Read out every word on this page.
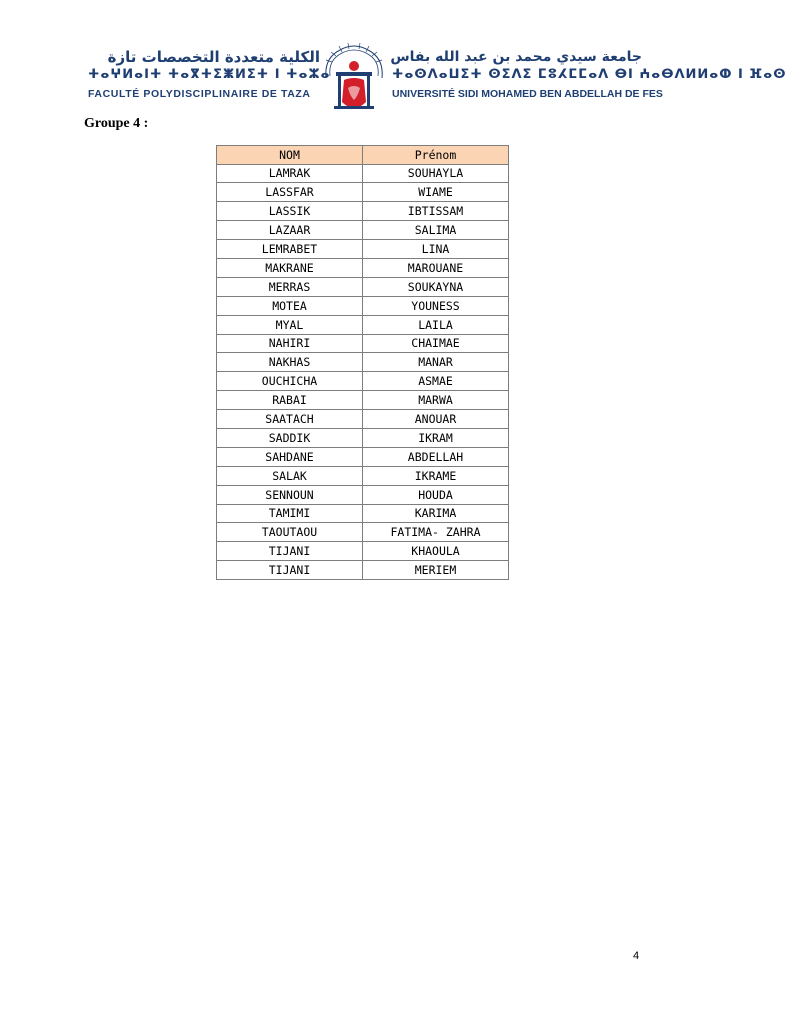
الكلية متعددة التخصصات تازة
ⵜⴰⵖⵍⴰⵏⵜ ⵜⴰⴳⵜⵉⵥⵍⵉⵜ ⵏ ⵜⴰⵣⴰ
FACULTÉ POLYDISCIPLINAIRE DE TAZA
جامعة سيدي محمد بن عبد الله بفاس
ⵜⴰⵙⴷⴰⵡⵉⵜ ⵙⵉⴷⵉ ⵎⵓⵃⵎⵎⴰⴷ ⴱⵏ ⵄⴰⴱⴷⵍⵍⴰⵀ ⵏ ⴼⴰⵙ
UNIVERSITÉ SIDI MOHAMED BEN ABDELLAH DE FES
Groupe 4 :
NOM	Prénom
LAMRAK	SOUHAYLA
LASSFAR	WIAME
LASSIK	IBTISSAM
LAZAAR	SALIMA
LEMRABET	LINA
MAKRANE	MAROUANE
MERRAS	SOUKAYNA
MOTEA	YOUNESS
MYAL	LAILA
NAHIRI	CHAIMAE
NAKHAS	MANAR
OUCHICHA	ASMAE
RABAI	MARWA
SAATACH	ANOUAR
SADDIK	IKRAM
SAHDANE	ABDELLAH
SALAK	IKRAME
SENNOUN	HOUDA
TAMIMI	KARIMA
TAOUTAOU	FATIMA- ZAHRA
TIJANI	KHAOULA
TIJANI	MERIEM
4
